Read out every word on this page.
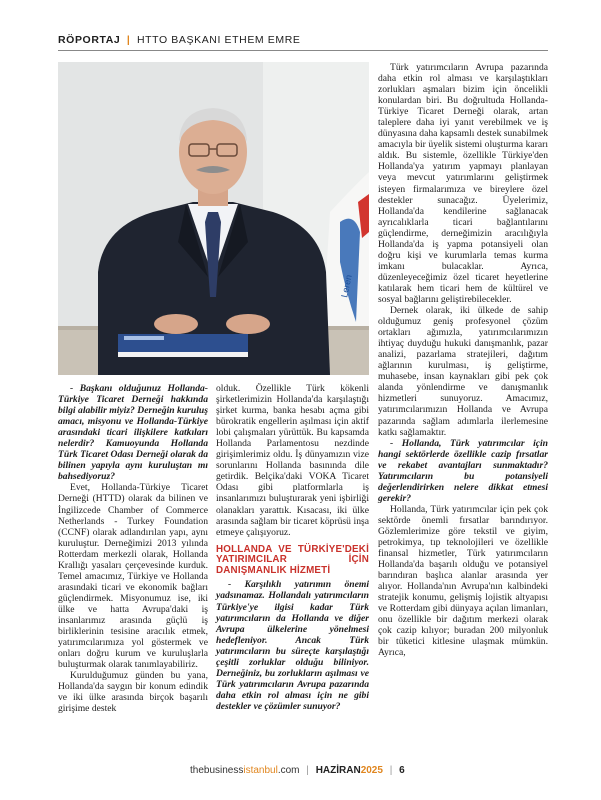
RÖPORTAJ | HTTO BAŞKANI ETHEM EMRE
Leren

- Başkanı olduğunuz Hollanda-Türkiye Ticaret Derneği hakkında bilgi alabilir miyiz? Derneğin kuruluş amacı, misyonu ve Hollanda-Türkiye arasındaki ticari ilişkilere katkıları nelerdir? Kamuoyunda Hollanda Türk Ticaret Odası Derneği olarak da bilinen yapıyla aynı kuruluştan mı bahsediyoruz?

Evet, Hollanda-Türkiye Ticaret Derneği (HTTD) olarak da bilinen ve İngilizcede Chamber of Commerce Netherlands - Turkey Foundation (CCNF) olarak adlandırılan yapı, aynı kuruluştur. Derneğimizi 2013 yılında Rotterdam merkezli olarak, Hollanda Krallığı yasaları çerçevesinde kurduk. Temel amacımız, Türkiye ve Hollanda arasındaki ticari ve ekonomik bağları güçlendirmek. Misyonumuz ise, iki ülke ve hatta Avrupa'daki iş insanlarımız arasında güçlü iş birliklerinin tesisine aracılık etmek, yatırımcılarımıza yol göstermek ve onları doğru kurum ve kuruluşlarla buluşturmak olarak tanımlayabiliriz.

Kurulduğumuz günden bu yana, Hollanda'da saygın bir konum edindik ve iki ülke arasında birçok başarılı girişime destek

olduk. Özellikle Türk kökenli şirketlerimizin Hollanda'da karşılaştığı şirket kurma, banka hesabı açma gibi bürokratik engellerin aşılması için aktif lobi çalışmaları yürüttük. Bu kapsamda Hollanda Parlamentosu nezdinde girişimlerimiz oldu. İş dünyamızın vize sorunlarını Hollanda basınında dile getirdik. Belçika'daki VOKA Ticaret Odası gibi platformlarla iş insanlarımızı buluşturarak yeni işbirliği olanakları yarattık. Kısacası, iki ülke arasında sağlam bir ticaret köprüsü inşa etmeye çalışıyoruz.

HOLLANDA VE TÜRKİYE'DEKİ YATIRIMCILAR İÇİN DANIŞMANLIK HİZMETİ

- Karşılıklı yatırımın önemi yadsınamaz. Hollandalı yatırımcıların Türkiye'ye ilgisi kadar Türk yatırımcıların da Hollanda ve diğer Avrupa ülkelerine yönelmesi hedefleniyor. Ancak Türk yatırımcıların bu süreçte karşılaştığı çeşitli zorluklar olduğu biliniyor. Derneğiniz, bu zorlukların aşılması ve Türk yatırımcıların Avrupa pazarında daha etkin rol alması için ne gibi destekler ve çözümler sunuyor?

Türk yatırımcıların Avrupa pazarında daha etkin rol alması ve karşılaştıkları zorlukları aşmaları bizim için öncelikli konulardan biri. Bu doğrultuda Hollanda-Türkiye Ticaret Derneği olarak, artan taleplere daha iyi yanıt verebilmek ve iş dünyasına daha kapsamlı destek sunabilmek amacıyla bir üyelik sistemi oluşturma kararı aldık. Bu sistemle, özellikle Türkiye'den Hollanda'ya yatırım yapmayı planlayan veya mevcut yatırımlarını geliştirmek isteyen firmalarımıza ve bireylere özel destekler sunacağız. Üyelerimiz, Hollanda'da kendilerine sağlanacak ayrıcalıklarla ticari bağlantılarını güçlendirme, derneğimizin aracılığıyla Hollanda'da iş yapma potansiyeli olan doğru kişi ve kurumlarla temas kurma imkanı bulacaklar. Ayrıca, düzenleyeceğimiz özel ticaret heyetlerine katılarak hem ticari hem de kültürel ve sosyal bağlarını geliştirebilecekler.

Dernek olarak, iki ülkede de sahip olduğumuz geniş profesyonel çözüm ortakları ağımızla, yatırımcılarımızın ihtiyaç duyduğu hukuki danışmanlık, pazar analizi, pazarlama stratejileri, dağıtım ağlarının kurulması, iş geliştirme, muhasebe, insan kaynakları gibi pek çok alanda yönlendirme ve danışmanlık hizmetleri sunuyoruz. Amacımız, yatırımcılarımızın Hollanda ve Avrupa pazarında sağlam adımlarla ilerlemesine katkı sağlamaktır.

- Hollanda, Türk yatırımcılar için hangi sektörlerde özellikle cazip fırsatlar ve rekabet avantajları sunmaktadır? Yatırımcıların bu potansiyeli değerlendirirken nelere dikkat etmesi gerekir?

Hollanda, Türk yatırımcılar için pek çok sektörde önemli fırsatlar barındırıyor. Gözlemlerimize göre tekstil ve giyim, petrokimya, tıp teknolojileri ve özellikle finansal hizmetler, Türk yatırımcıların Hollanda'da başarılı olduğu ve potansiyel barındıran başlıca alanlar arasında yer alıyor. Hollanda'nın Avrupa'nın kalbindeki stratejik konumu, gelişmiş lojistik altyapısı ve Rotterdam gibi dünyaya açılan limanları, onu özellikle bir dağıtım merkezi olarak çok cazip kılıyor; buradan 200 milyonluk bir tüketici kitlesine ulaşmak mümkün. Ayrıca,

thebusinessistanbul.com | HAZİRAN2025 | 6
